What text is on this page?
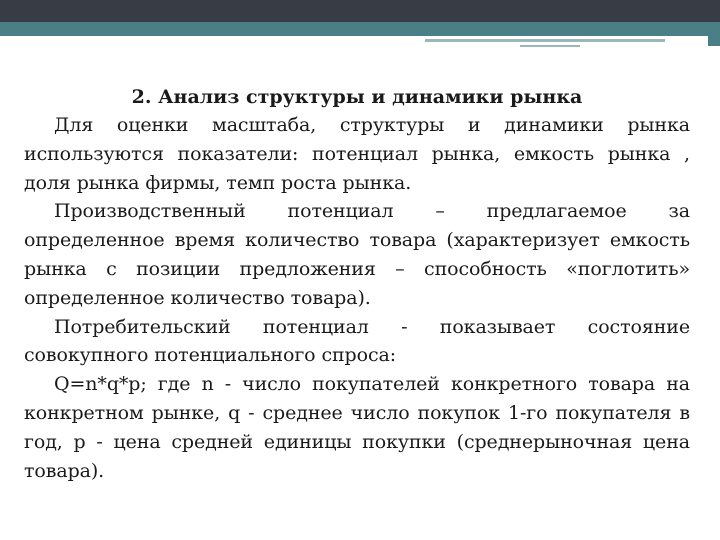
2. Анализ структуры и динамики рынка

Для оценки масштаба, структуры и динамики рынка используются показатели: потенциал рынка, емкость рынка , доля рынка фирмы, темп роста рынка.

Производственный потенциал – предлагаемое за определенное время количество товара (характеризует емкость рынка с позиции предложения – способность «поглотить» определенное количество товара).

Потребительский потенциал - показывает состояние совокупного потенциального спроса:

Q=n*q*p; где n - число покупателей конкретного товара на конкретном рынке, q - среднее число покупок 1-го покупателя в год, p - цена средней единицы покупки (среднерыночная цена товара).
